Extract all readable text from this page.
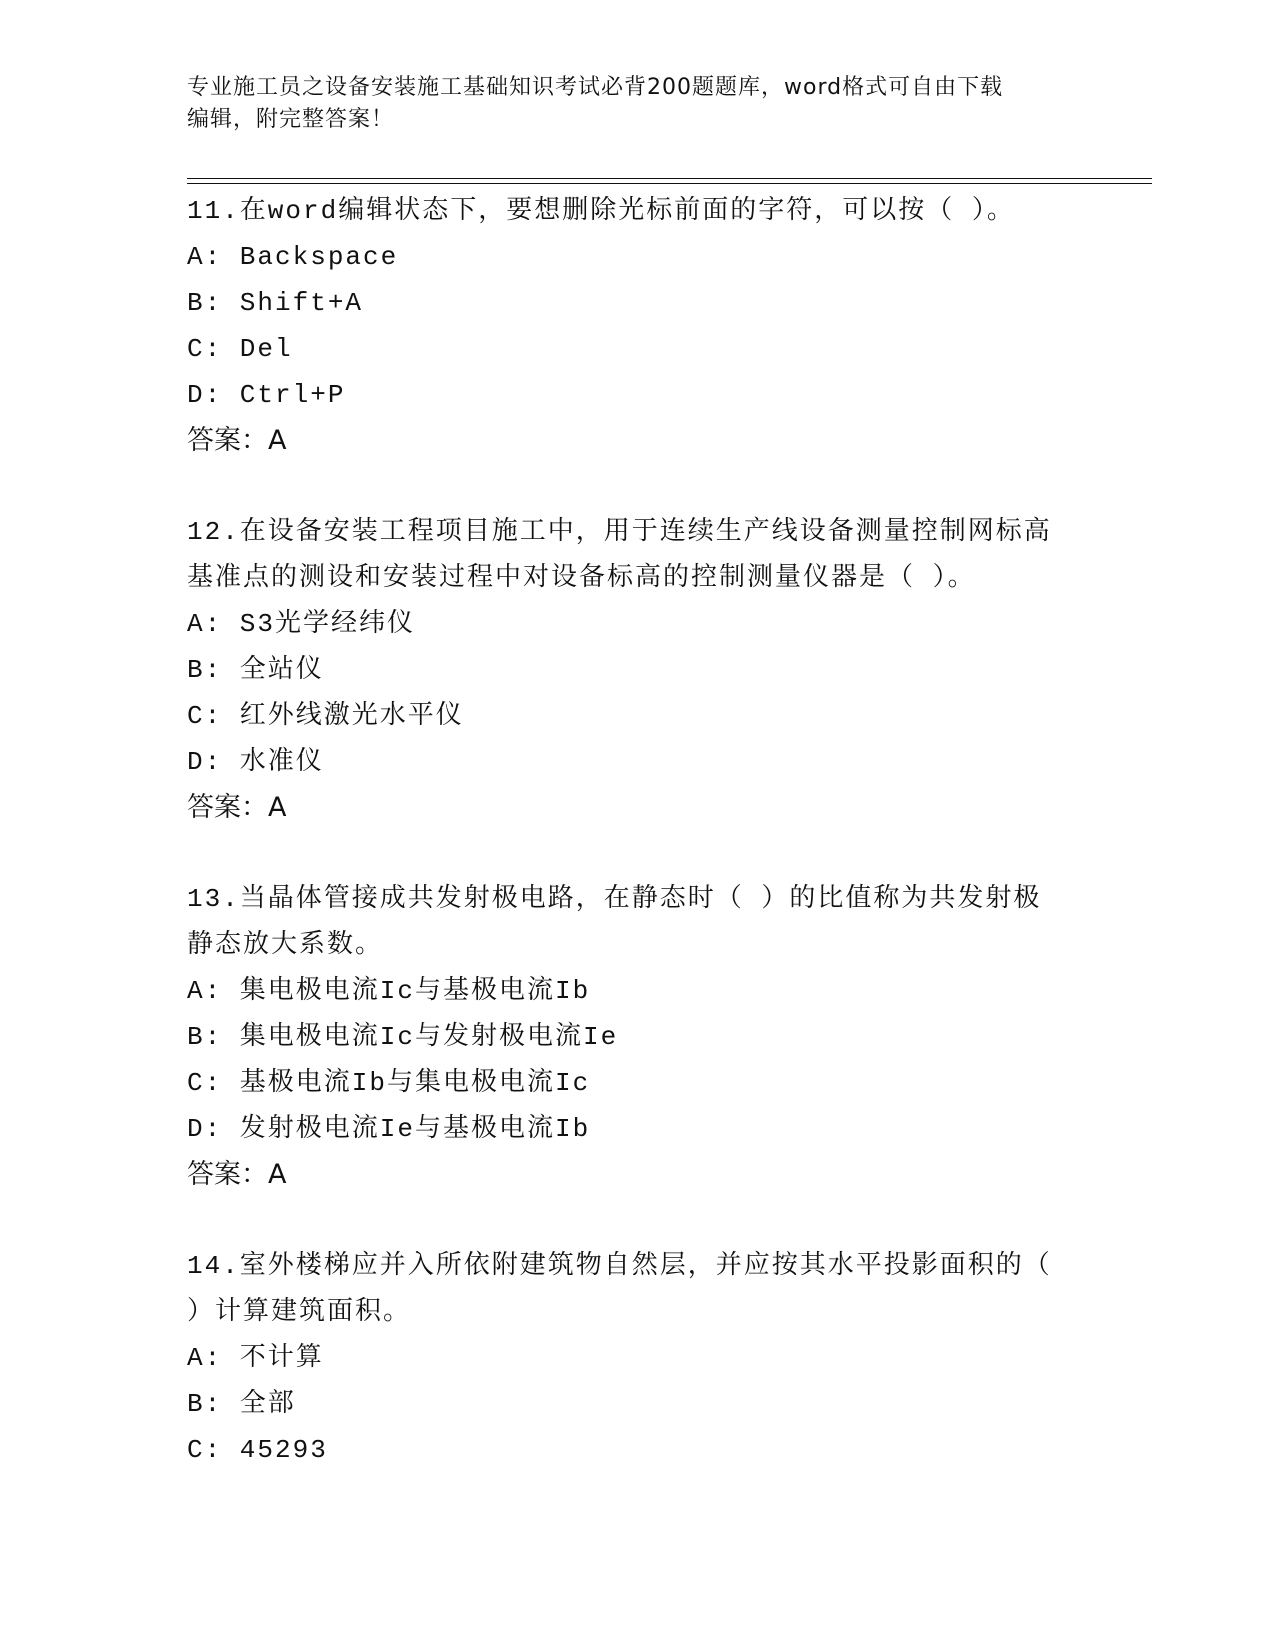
专业施工员之设备安装施工基础知识考试必背200题题库，word格式可自由下载
编辑，附完整答案！

11.在word编辑状态下，要想删除光标前面的字符，可以按（ ）。

A: Backspace

B: Shift+A

C: Del

D: Ctrl+P

答案：A

12.在设备安装工程项目施工中，用于连续生产线设备测量控制网标高

基准点的测设和安装过程中对设备标高的控制测量仪器是（ ）。

A: S3光学经纬仪

B: 全站仪

C: 红外线激光水平仪

D: 水准仪

答案：A

13.当晶体管接成共发射极电路，在静态时（ ）的比值称为共发射极

静态放大系数。

A: 集电极电流Ic与基极电流Ib

B: 集电极电流Ic与发射极电流Ie

C: 基极电流Ib与集电极电流Ic

D: 发射极电流Ie与基极电流Ib

答案：A

14.室外楼梯应并入所依附建筑物自然层，并应按其水平投影面积的（

）计算建筑面积。

A: 不计算

B: 全部

C: 45293
